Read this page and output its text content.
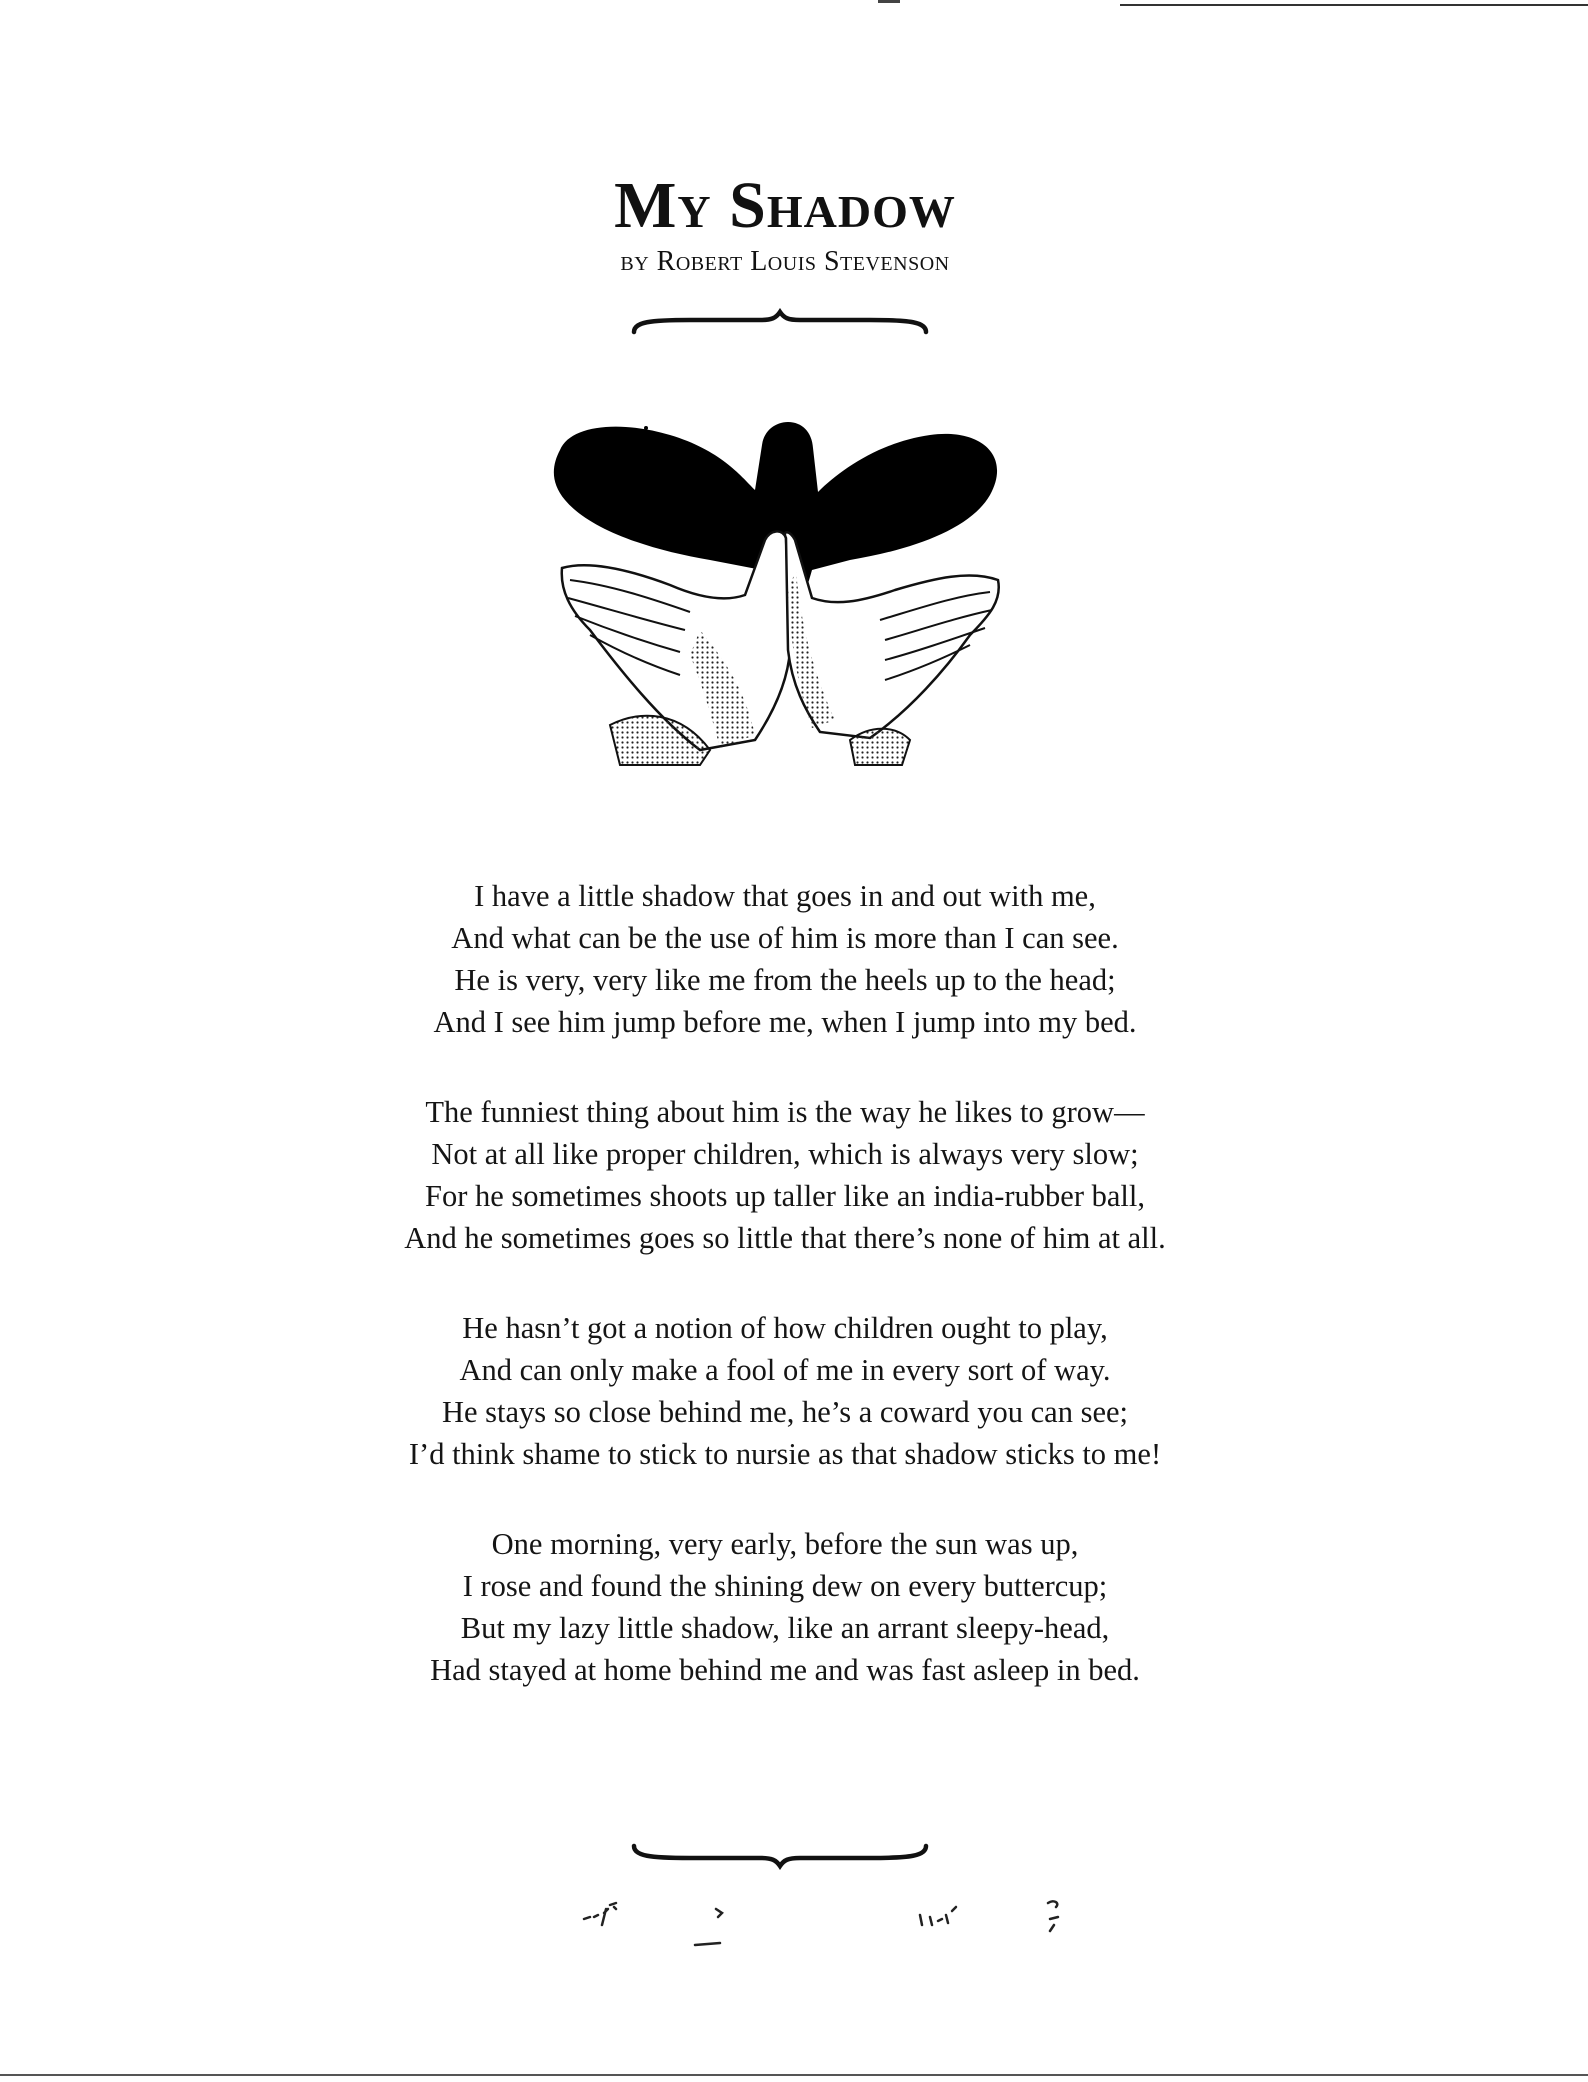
My Shadow

by Robert Louis Stevenson

I have a little shadow that goes in and out with me,
And what can be the use of him is more than I can see.
He is very, very like me from the heels up to the head;
And I see him jump before me, when I jump into my bed.
The funniest thing about him is the way he likes to grow—
Not at all like proper children, which is always very slow;
For he sometimes shoots up taller like an india-rubber ball,
And he sometimes goes so little that there’s none of him at all.
He hasn’t got a notion of how children ought to play,
And can only make a fool of me in every sort of way.
He stays so close behind me, he’s a coward you can see;
I’d think shame to stick to nursie as that shadow sticks to me!
One morning, very early, before the sun was up,
I rose and found the shining dew on every buttercup;
But my lazy little shadow, like an arrant sleepy-head,
Had stayed at home behind me and was fast asleep in bed.
